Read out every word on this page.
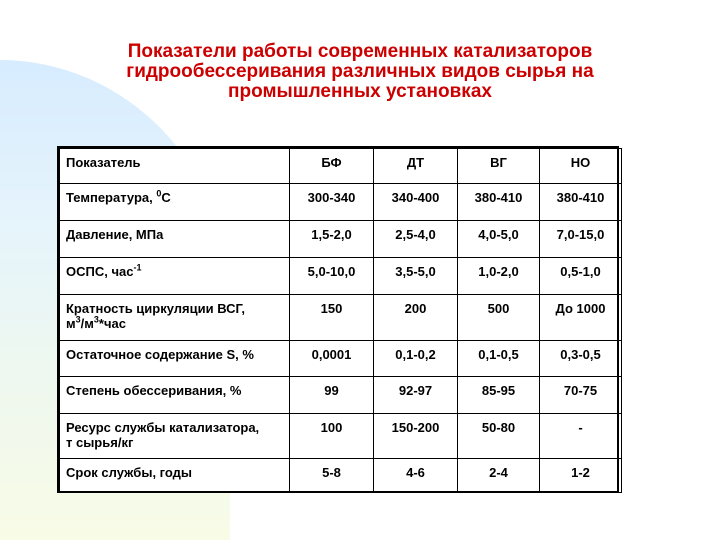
Показатели работы современных катализаторов
гидрообессеривания различных видов сырья на
промышленных установках
Показатель	БФ	ДТ	ВГ	НО

Температура, $^0$С	300-340	340-400	380-410	380-410

Давление, МПа	1,5-2,0	2,5-4,0	4,0-5,0	7,0-15,0

ОСПС, час$^{-1}$	5,0-10,0	3,5-5,0	1,0-2,0	0,5-1,0

Кратность циркуляции ВСГ,
$м^3/м^3*час$	150	200	500	До 1000

Остаточное содержание S, %	0,0001	0,1-0,2	0,1-0,5	0,3-0,5

Степень обессеривания, %	99	92-97	85-95	70-75

Ресурс службы катализатора,
т сырья/кг	100	150-200	50-80	-

Срок службы, годы	5-8	4-6	2-4	1-2
